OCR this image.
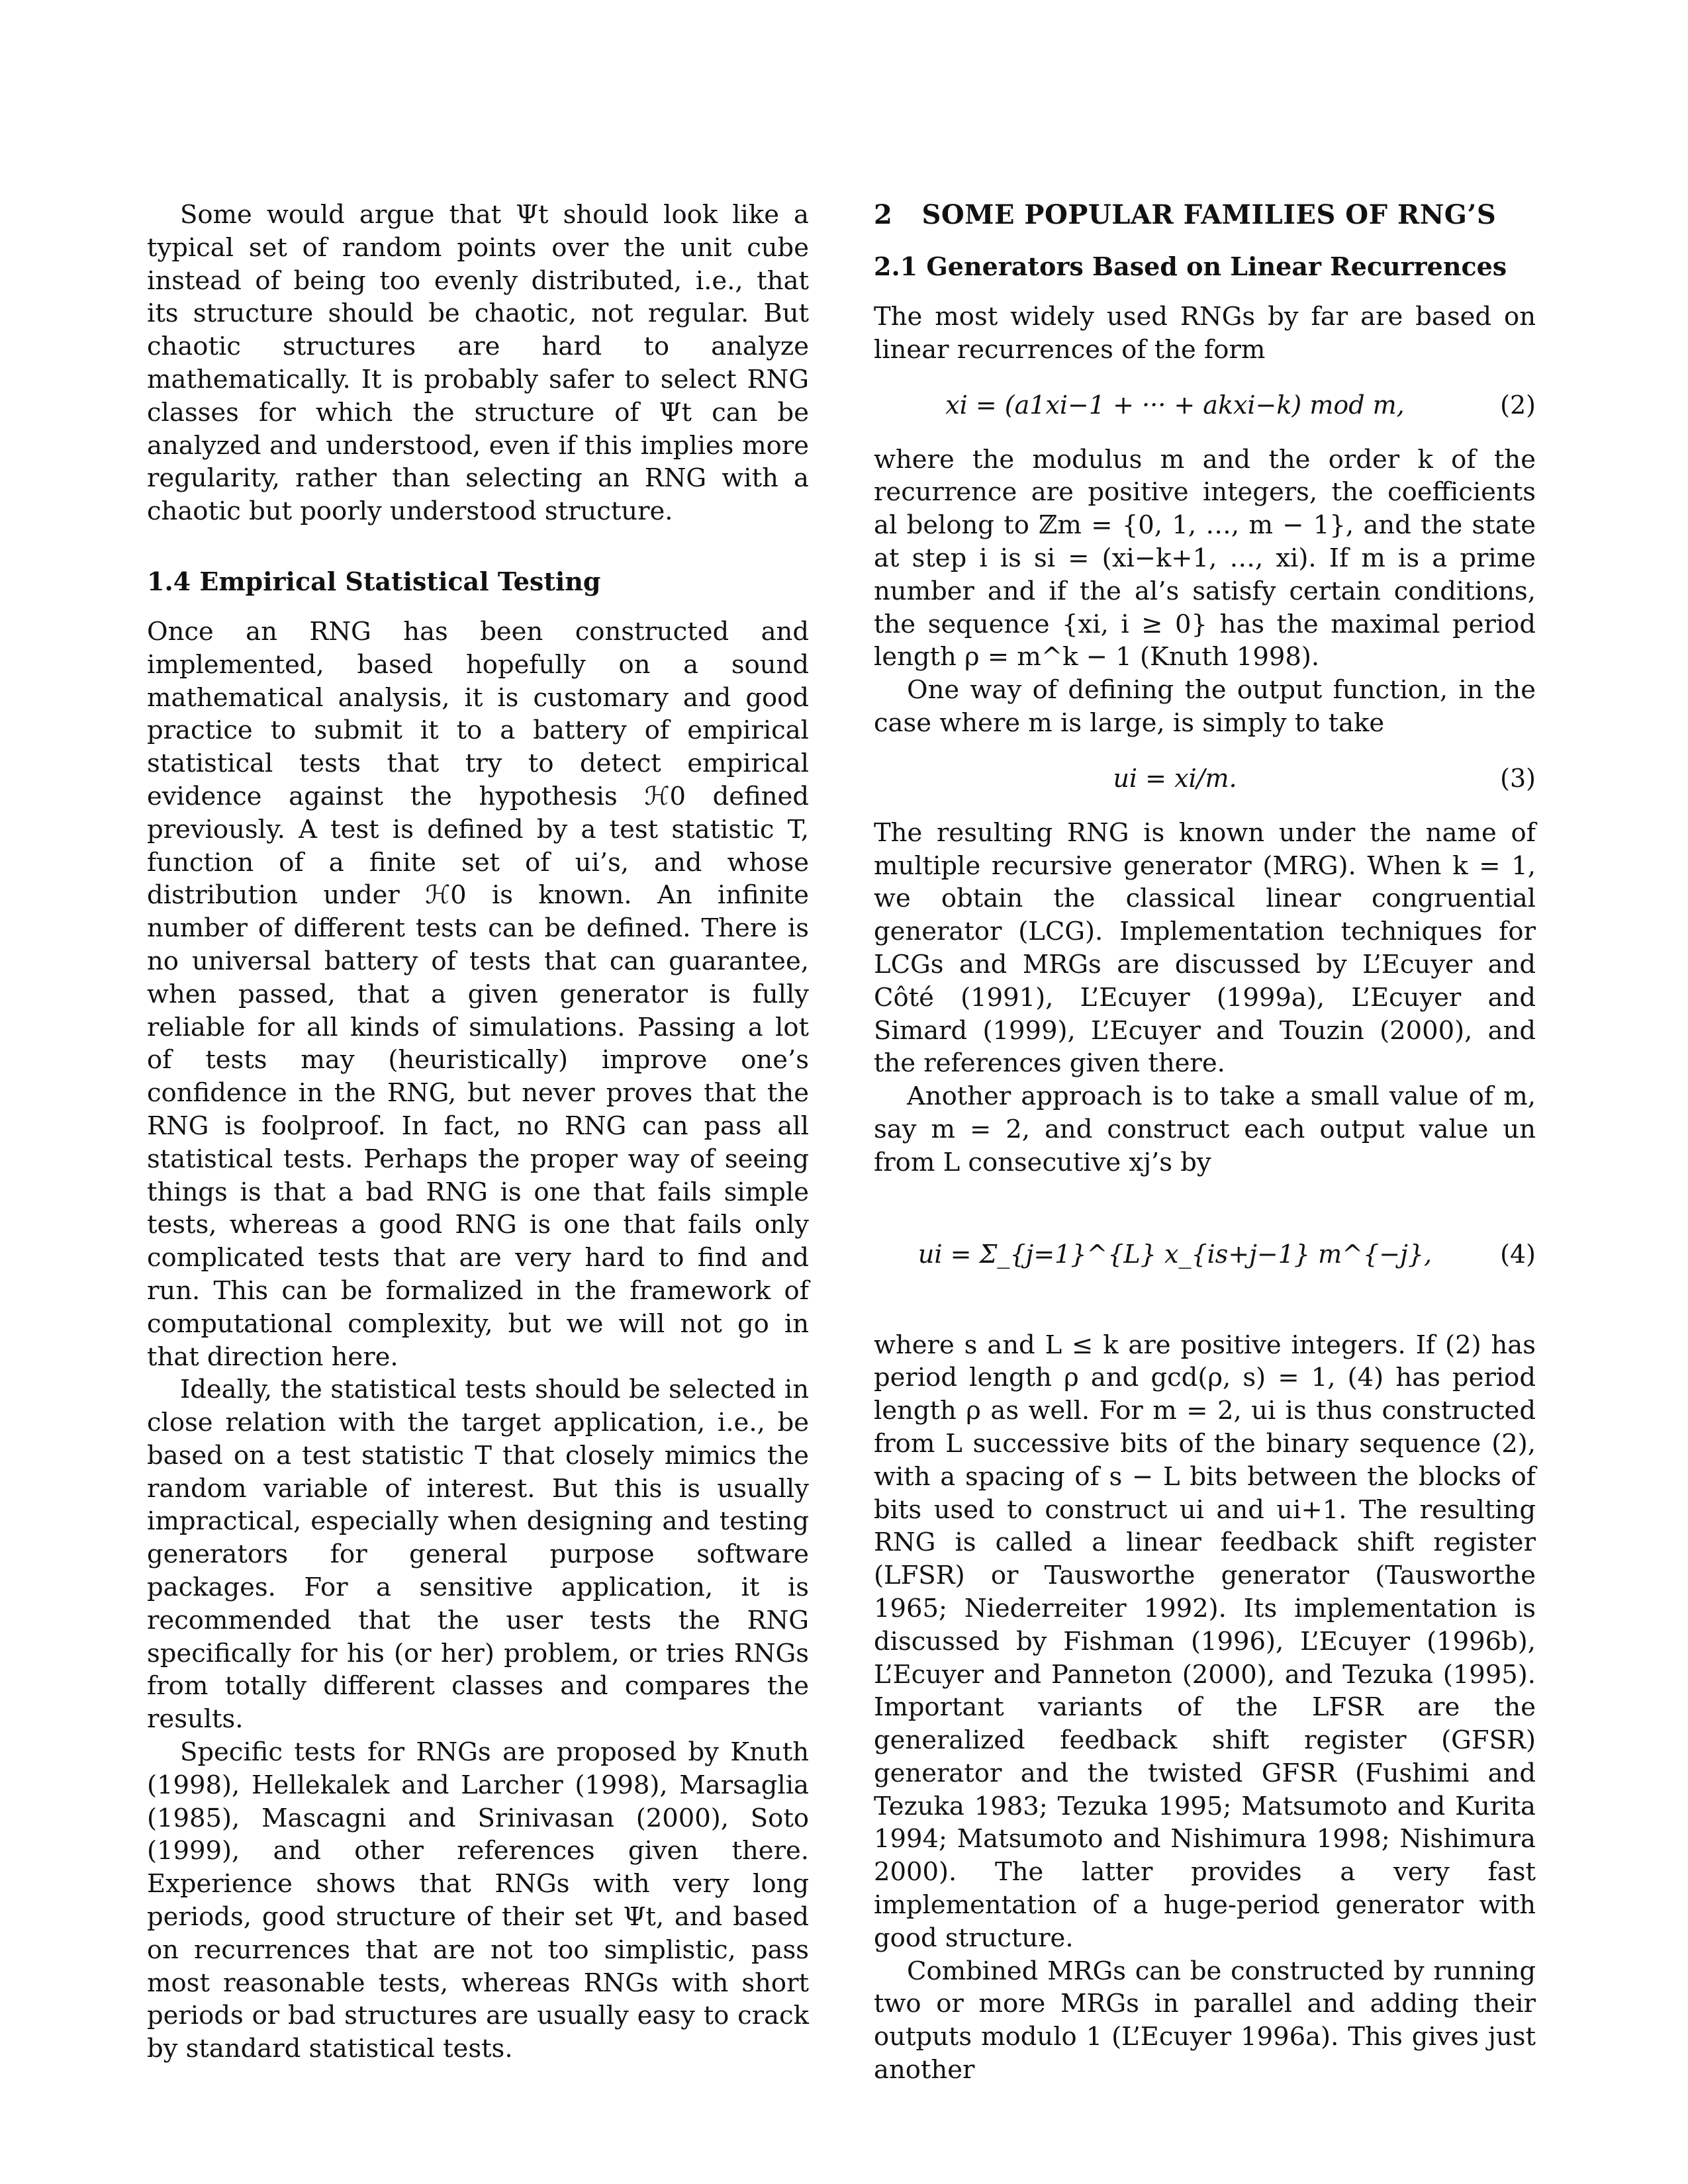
Some would argue that Ψt should look like a typical set of random points over the unit cube instead of being too evenly distributed, i.e., that its structure should be chaotic, not regular. But chaotic structures are hard to analyze mathematically. It is probably safer to select RNG classes for which the structure of Ψt can be analyzed and understood, even if this implies more regularity, rather than selecting an RNG with a chaotic but poorly understood structure.

1.4 Empirical Statistical Testing

Once an RNG has been constructed and implemented, based hopefully on a sound mathematical analysis, it is customary and good practice to submit it to a battery of empirical statistical tests that try to detect empirical evidence against the hypothesis ℋ0 defined previously. A test is defined by a test statistic T, function of a finite set of ui’s, and whose distribution under ℋ0 is known. An infinite number of different tests can be defined. There is no universal battery of tests that can guarantee, when passed, that a given generator is fully reliable for all kinds of simulations. Passing a lot of tests may (heuristically) improve one’s confidence in the RNG, but never proves that the RNG is foolproof. In fact, no RNG can pass all statistical tests. Perhaps the proper way of seeing things is that a bad RNG is one that fails simple tests, whereas a good RNG is one that fails only complicated tests that are very hard to find and run. This can be formalized in the framework of computational complexity, but we will not go in that direction here.

Ideally, the statistical tests should be selected in close relation with the target application, i.e., be based on a test statistic T that closely mimics the random variable of interest. But this is usually impractical, especially when designing and testing generators for general purpose software packages. For a sensitive application, it is recommended that the user tests the RNG specifically for his (or her) problem, or tries RNGs from totally different classes and compares the results.

Specific tests for RNGs are proposed by Knuth (1998), Hellekalek and Larcher (1998), Marsaglia (1985), Mascagni and Srinivasan (2000), Soto (1999), and other references given there. Experience shows that RNGs with very long periods, good structure of their set Ψt, and based on recurrences that are not too simplistic, pass most reasonable tests, whereas RNGs with short periods or bad structures are usually easy to crack by standard statistical tests.

2 SOME POPULAR FAMILIES OF RNG’S
2.1 Generators Based on Linear Recurrences

The most widely used RNGs by far are based on linear recurrences of the form

xi = (a1xi−1 + ··· + akxi−k) mod m,	(2)

where the modulus m and the order k of the recurrence are positive integers, the coefficients al belong to ℤm = {0, 1, …, m − 1}, and the state at step i is si = (xi−k+1, …, xi). If m is a prime number and if the al’s satisfy certain conditions, the sequence {xi, i ≥ 0} has the maximal period length ρ = m^k − 1 (Knuth 1998).

One way of defining the output function, in the case where m is large, is simply to take

ui = xi/m.	(3)

The resulting RNG is known under the name of multiple recursive generator (MRG). When k = 1, we obtain the classical linear congruential generator (LCG). Implementation techniques for LCGs and MRGs are discussed by L’Ecuyer and Côté (1991), L’Ecuyer (1999a), L’Ecuyer and Simard (1999), L’Ecuyer and Touzin (2000), and the references given there.

Another approach is to take a small value of m, say m = 2, and construct each output value un from L consecutive xj’s by

ui = Σ_{j=1}^{L} x_{is+j−1} m^{−j},	(4)

where s and L ≤ k are positive integers. If (2) has period length ρ and gcd(ρ, s) = 1, (4) has period length ρ as well. For m = 2, ui is thus constructed from L successive bits of the binary sequence (2), with a spacing of s − L bits between the blocks of bits used to construct ui and ui+1. The resulting RNG is called a linear feedback shift register (LFSR) or Tausworthe generator (Tausworthe 1965; Niederreiter 1992). Its implementation is discussed by Fishman (1996), L’Ecuyer (1996b), L’Ecuyer and Panneton (2000), and Tezuka (1995). Important variants of the LFSR are the generalized feedback shift register (GFSR) generator and the twisted GFSR (Fushimi and Tezuka 1983; Tezuka 1995; Matsumoto and Kurita 1994; Matsumoto and Nishimura 1998; Nishimura 2000). The latter provides a very fast implementation of a huge-period generator with good structure.

Combined MRGs can be constructed by running two or more MRGs in parallel and adding their outputs modulo 1 (L’Ecuyer 1996a). This gives just another
